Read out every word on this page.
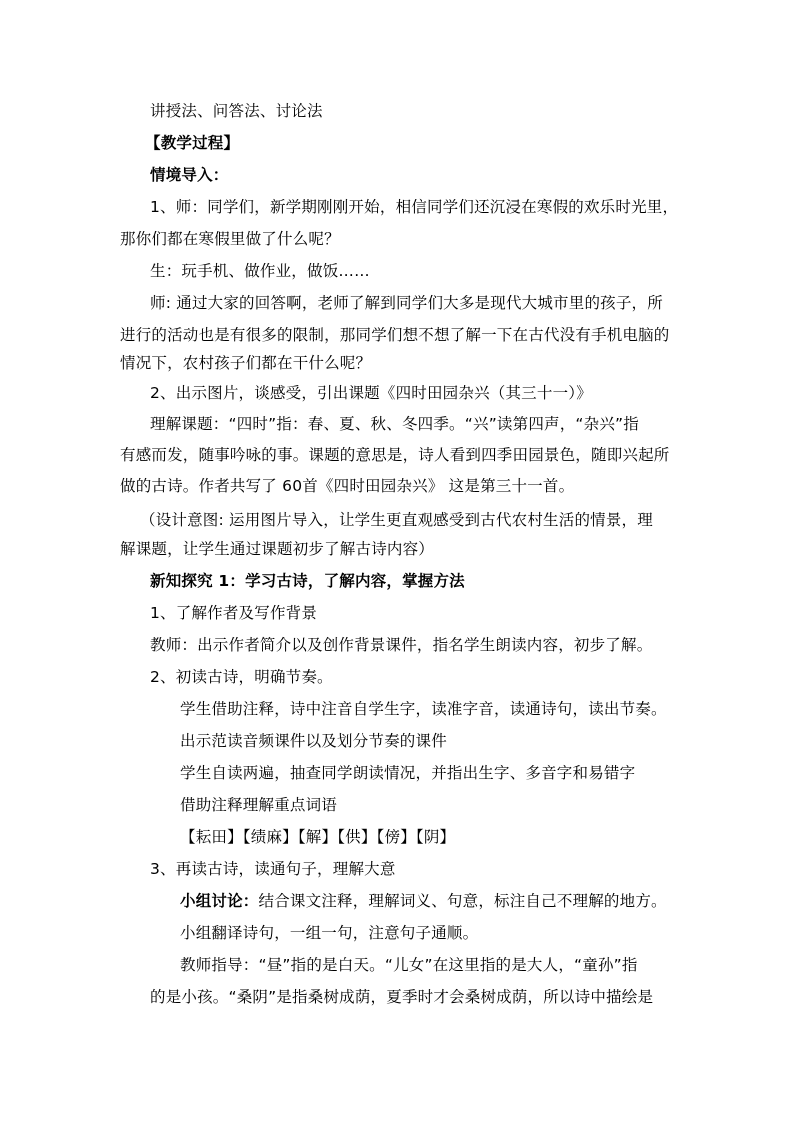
讲授法、问答法、讨论法
【教学过程】
情境导入：
1、师：同学们，新学期刚刚开始，相信同学们还沉浸在寒假的欢乐时光里，
那你们都在寒假里做了什么呢？
生：玩手机、做作业，做饭……
师: 通过大家的回答啊，老师了解到同学们大多是现代大城市里的孩子，所
进行的活动也是有很多的限制，那同学们想不想了解一下在古代没有手机电脑的
情况下，农村孩子们都在干什么呢？
2、出示图片，谈感受，引出课题《四时田园杂兴（其三十一）》
理解课题：“四时”指：春、夏、秋、冬四季。“兴”读第四声，“杂兴”指
有感而发，随事吟咏的事。课题的意思是，诗人看到四季田园景色，随即兴起所
做的古诗。作者共写了 60首《四时田园杂兴》 这是第三十一首。
（设计意图: 运用图片导入，让学生更直观感受到古代农村生活的情景，理
解课题，让学生通过课题初步了解古诗内容）
新知探究 1：学习古诗，了解内容，掌握方法
1、了解作者及写作背景
教师：出示作者简介以及创作背景课件，指名学生朗读内容，初步了解。
2、初读古诗，明确节奏。
学生借助注释，诗中注音自学生字，读准字音，读通诗句，读出节奏。
出示范读音频课件以及划分节奏的课件
学生自读两遍，抽查同学朗读情况，并指出生字、多音字和易错字
借助注释理解重点词语
【耘田】【绩麻】【解】【供】【傍】【阴】
3、再读古诗，读通句子，理解大意
小组讨论：结合课文注释，理解词义、句意，标注自己不理解的地方。
小组翻译诗句，一组一句，注意句子通顺。
教师指导：“昼”指的是白天。“儿女”在这里指的是大人，“童孙”指
的是小孩。“桑阴”是指桑树成荫，夏季时才会桑树成荫，所以诗中描绘是
